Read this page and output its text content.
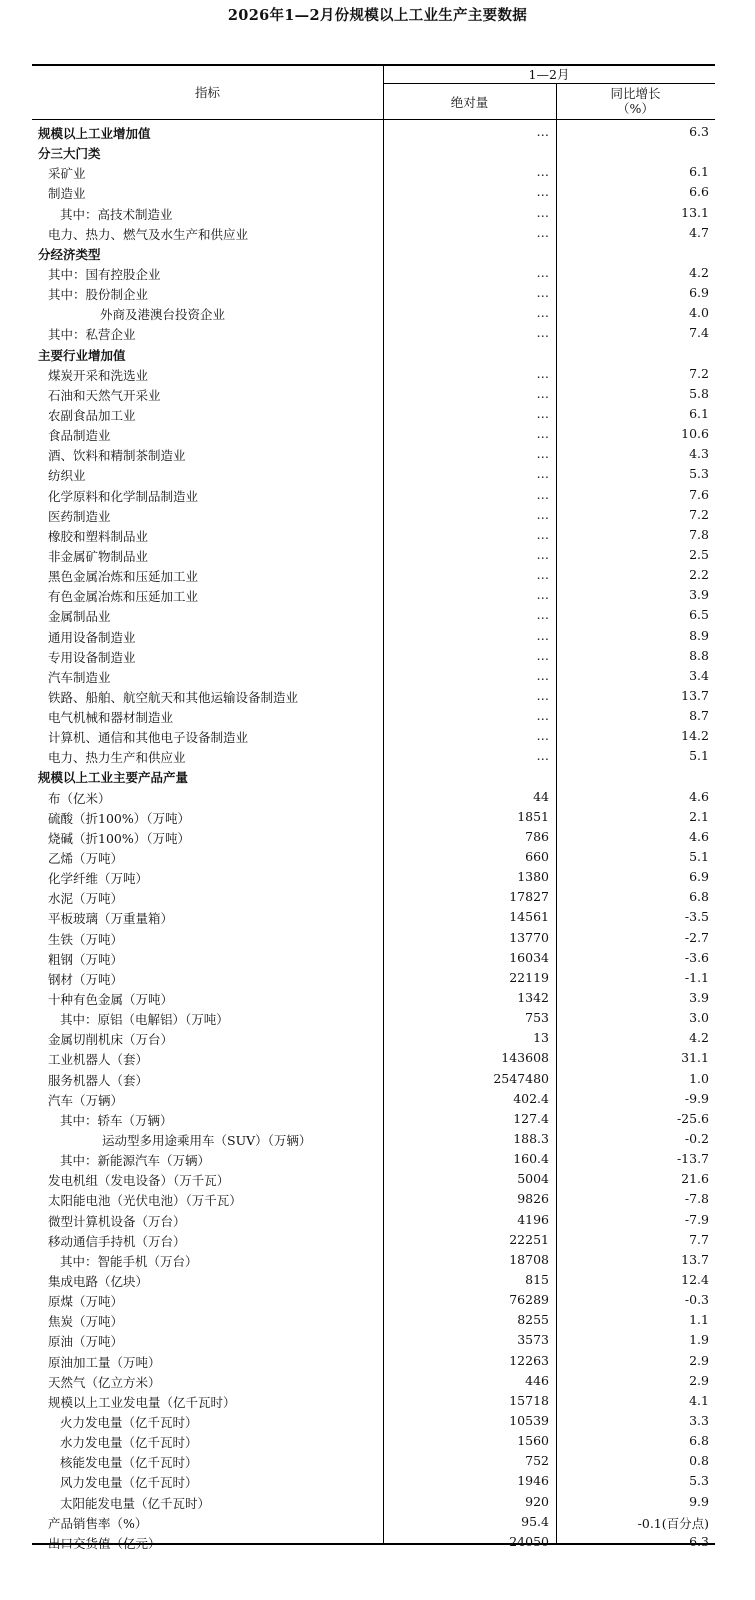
2026年1—2月份规模以上工业生产主要数据
指标
1—2月
绝对量
同比增长
（%）
规模以上工业增加值	…	6.3
分三大门类
采矿业	…	6.1
制造业	…	6.6
其中：高技术制造业	…	13.1
电力、热力、燃气及水生产和供应业	…	4.7
分经济类型
其中：国有控股企业	…	4.2
其中：股份制企业	…	6.9
外商及港澳台投资企业	…	4.0
其中：私营企业	…	7.4
主要行业增加值
煤炭开采和洗选业	…	7.2
石油和天然气开采业	…	5.8
农副食品加工业	…	6.1
食品制造业	…	10.6
酒、饮料和精制茶制造业	…	4.3
纺织业	…	5.3
化学原料和化学制品制造业	…	7.6
医药制造业	…	7.2
橡胶和塑料制品业	…	7.8
非金属矿物制品业	…	2.5
黑色金属冶炼和压延加工业	…	2.2
有色金属冶炼和压延加工业	…	3.9
金属制品业	…	6.5
通用设备制造业	…	8.9
专用设备制造业	…	8.8
汽车制造业	…	3.4
铁路、船舶、航空航天和其他运输设备制造业	…	13.7
电气机械和器材制造业	…	8.7
计算机、通信和其他电子设备制造业	…	14.2
电力、热力生产和供应业	…	5.1
规模以上工业主要产品产量
布（亿米）	44	4.6
硫酸（折100%）（万吨）	1851	2.1
烧碱（折100%）（万吨）	786	4.6
乙烯（万吨）	660	5.1
化学纤维（万吨）	1380	6.9
水泥（万吨）	17827	6.8
平板玻璃（万重量箱）	14561	-3.5
生铁（万吨）	13770	-2.7
粗钢（万吨）	16034	-3.6
钢材（万吨）	22119	-1.1
十种有色金属（万吨）	1342	3.9
其中：原铝（电解铝）（万吨）	753	3.0
金属切削机床（万台）	13	4.2
工业机器人（套）	143608	31.1
服务机器人（套）	2547480	1.0
汽车（万辆）	402.4	-9.9
其中：轿车（万辆）	127.4	-25.6
运动型多用途乘用车（SUV）（万辆）	188.3	-0.2
其中：新能源汽车（万辆）	160.4	-13.7
发电机组（发电设备）（万千瓦）	5004	21.6
太阳能电池（光伏电池）（万千瓦）	9826	-7.8
微型计算机设备（万台）	4196	-7.9
移动通信手持机（万台）	22251	7.7
其中：智能手机（万台）	18708	13.7
集成电路（亿块）	815	12.4
原煤（万吨）	76289	-0.3
焦炭（万吨）	8255	1.1
原油（万吨）	3573	1.9
原油加工量（万吨）	12263	2.9
天然气（亿立方米）	446	2.9
规模以上工业发电量（亿千瓦时）	15718	4.1
火力发电量（亿千瓦时）	10539	3.3
水力发电量（亿千瓦时）	1560	6.8
核能发电量（亿千瓦时）	752	0.8
风力发电量（亿千瓦时）	1946	5.3
太阳能发电量（亿千瓦时）	920	9.9
产品销售率（%）	95.4	-0.1(百分点)
出口交货值（亿元）	24050	6.3
